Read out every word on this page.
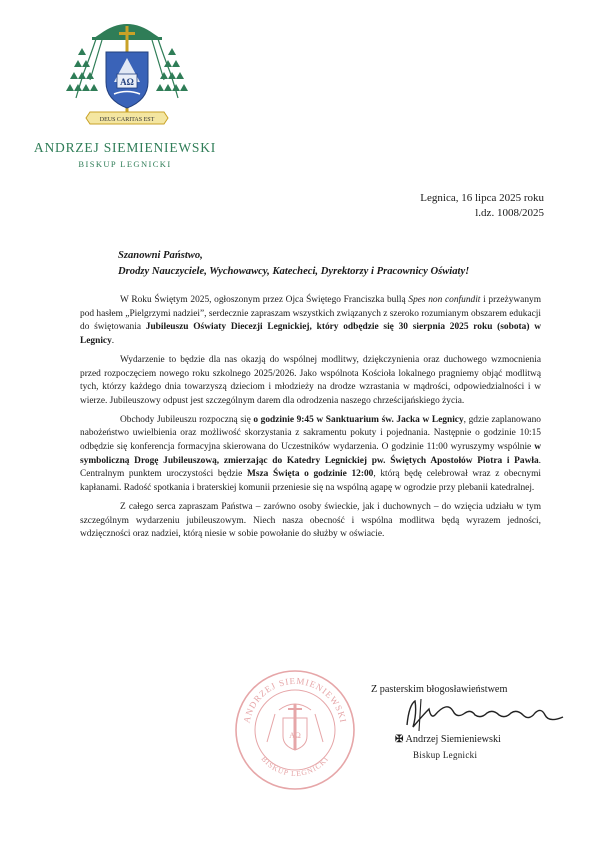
AΩ
DEUS CARITAS EST
ANDRZEJ SIEMIENIEWSKI
BISKUP LEGNICKI
Legnica, 16 lipca 2025 roku
l.dz. 1008/2025
Szanowni Państwo,
Drodzy Nauczyciele, Wychowawcy, Katecheci, Dyrektorzy i Pracownicy Oświaty!

W Roku Świętym 2025, ogłoszonym przez Ojca Świętego Franciszka bullą Spes non confundit i przeżywanym pod hasłem „Pielgrzymi nadziei”, serdecznie zapraszam wszystkich związanych z szeroko rozumianym obszarem edukacji do świętowania Jubileuszu Oświaty Diecezji Legnickiej, który odbędzie się 30 sierpnia 2025 roku (sobota) w Legnicy.

Wydarzenie to będzie dla nas okazją do wspólnej modlitwy, dziękczynienia oraz duchowego wzmocnienia przed rozpoczęciem nowego roku szkolnego 2025/2026. Jako wspólnota Kościoła lokalnego pragniemy objąć modlitwą tych, którzy każdego dnia towarzyszą dzieciom i młodzieży na drodze wzrastania w mądrości, odpowiedzialności i w wierze. Jubileuszowy odpust jest szczególnym darem dla odrodzenia naszego chrześcijańskiego życia.

Obchody Jubileuszu rozpoczną się o godzinie 9:45 w Sanktuarium św. Jacka w Legnicy, gdzie zaplanowano nabożeństwo uwielbienia oraz możliwość skorzystania z sakramentu pokuty i pojednania. Następnie o godzinie 10:15 odbędzie się konferencja formacyjna skierowana do Uczestników wydarzenia. O godzinie 11:00 wyruszymy wspólnie w symboliczną Drogę Jubileuszową, zmierzając do Katedry Legnickiej pw. Świętych Apostołów Piotra i Pawła. Centralnym punktem uroczystości będzie Msza Święta o godzinie 12:00, którą będę celebrował wraz z obecnymi kapłanami. Radość spotkania i braterskiej komunii przeniesie się na wspólną agapę w ogrodzie przy plebanii katedralnej.

Z całego serca zapraszam Państwa – zarówno osoby świeckie, jak i duchownych – do wzięcia udziału w tym szczególnym wydarzeniu jubileuszowym. Niech nasza obecność i wspólna modlitwa będą wyrazem jedności, wdzięczności oraz nadziei, którą niesie w sobie powołanie do służby w oświacie.

ANDRZEJ SIEMIENIEWSKI
BISKUP LEGNICKI
AΩ
Z pasterskim błogosławieństwem
✠ Andrzej Siemieniewski
Biskup Legnicki
